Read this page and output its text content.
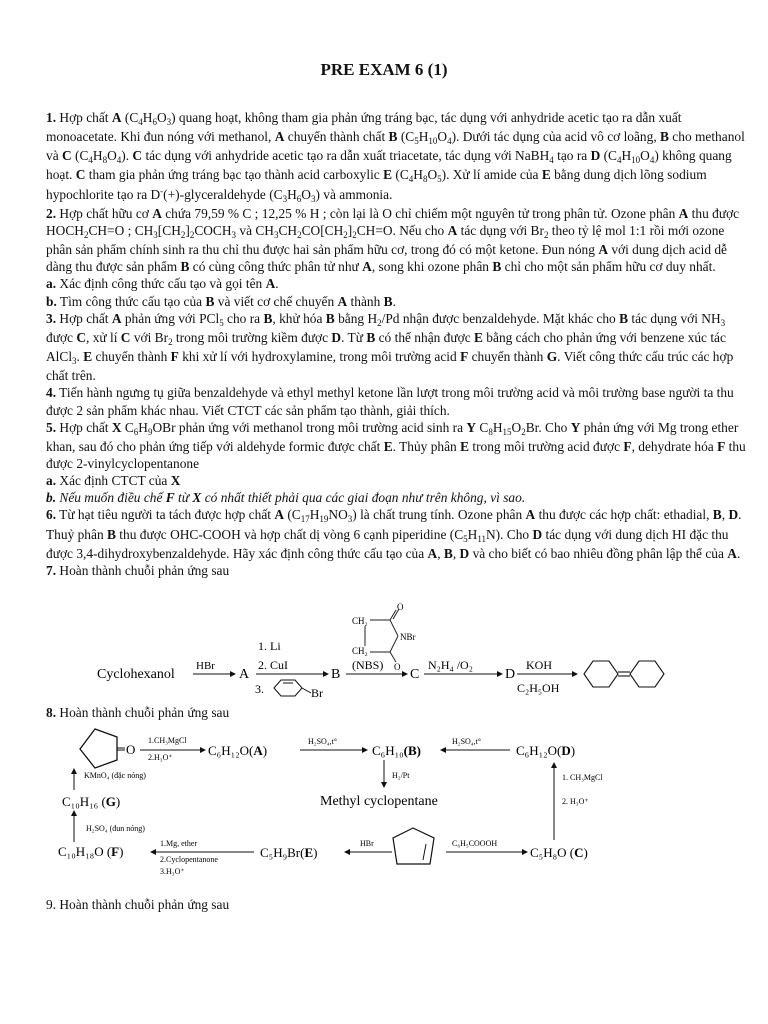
PRE EXAM 6 (1)

1. Hợp chất A $(C_4H_6O_3)$ quang hoạt, không tham gia phản ứng tráng bạc, tác dụng với anhydride acetic tạo ra dẫn xuất monoacetate. Khi đun nóng với methanol, A chuyển thành chất B $(C_5H_{10}O_4)$. Dưới tác dụng của acid vô cơ loãng, B cho methanol và C $(C_4H_8O_4)$. C tác dụng với anhydride acetic tạo ra dẫn xuất triacetate, tác dụng với NaBH$_4$ tạo ra D $(C_4H_{10}O_4)$ không quang hoạt. C tham gia phản ứng tráng bạc tạo thành acid carboxylic E $(C_4H_8O_5)$. Xử lí amide của E bằng dung dịch lõng sodium hypochlorite tạo ra D-(+)-glyceraldehyde $(C_3H_6O_3)$ và ammonia.

2. Hợp chất hữu cơ A chứa 79,59 % C ; 12,25 % H ; còn lại là O chỉ chiếm một nguyên tử trong phân tử. Ozone phân A thu được $HOCH_2CH=O$ ; $CH_3[CH_2]_2COCH_3$ và $CH_3CH_2CO[CH_2]_2CH=O$. Nếu cho A tác dụng với $Br_2$ theo tỷ lệ mol 1:1 rồi mới ozone phân sản phẩm chính sinh ra thu chỉ thu được hai sản phẩm hữu cơ, trong đó có một ketone. Đun nóng A với dung dịch acid dễ dàng thu được sản phẩm B có cùng công thức phân tử như A, song khi ozone phân B chỉ cho một sản phẩm hữu cơ duy nhất.

a. Xác định công thức cấu tạo và gọi tên A.

b. Tìm công thức cấu tạo của B và viết cơ chế chuyển A thành B.

3. Hợp chất A phản ứng với PCl$_5$ cho ra B, khử hóa B bằng $H_2/Pd$ nhận được benzaldehyde. Mặt khác cho B tác dụng với $NH_3$ được C, xử lí C với $Br_2$ trong môi trường kiềm được D. Từ B có thể nhận được E bằng cách cho phản ứng với benzene xúc tác AlCl$_3$. E chuyển thành F khi xử lí với hydroxylamine, trong môi trường acid F chuyển thành G. Viết công thức cấu trúc các hợp chất trên.

4. Tiến hành ngưng tụ giữa benzaldehyde và ethyl methyl ketone lần lượt trong môi trường acid và môi trường base người ta thu được 2 sản phẩm khác nhau. Viết CTCT các sản phẩm tạo thành, giải thích.

5. Hợp chất X $C_6H_9OBr$ phản ứng với methanol trong môi trường acid sinh ra Y $C_8H_{15}O_2Br$. Cho Y phản ứng với Mg trong ether khan, sau đó cho phản ứng tiếp với aldehyde formic được chất E. Thủy phân E trong môi trường acid được F, dehydrate hóa F thu được 2-vinylcyclopentanone

a. Xác định CTCT của X

b. Nếu muốn điều chế F từ X có nhất thiết phải qua các giai đoạn như trên không, vì sao.

6. Từ hạt tiêu người ta tách được hợp chất A $(C_{17}H_{19}NO_3)$ là chất trung tính. Ozone phân A thu được các hợp chất: ethadial, B, D. Thuỷ phân B thu được OHC-COOH và hợp chất dị vòng 6 cạnh piperidine $(C_5H_{11}N)$. Cho D tác dụng với dung dịch HI đặc thu được 3,4-dihydroxybenzaldehyde. Hãy xác định công thức cấu tạo của A, B, D và cho biết có bao nhiêu đồng phân lập thể của A.

7. Hoàn thành chuỗi phản ứng sau

CH₂
CH₂
O
O
NBr
Cyclohexanol
HBr
A
1. Li
2. CuI
3.	Br
B
(NBS)
C
N₂H₄ /O₂
D
KOH
C₂H₅OH
8. Hoàn thành chuỗi phản ứng sau
O
1.CH₃MgCl
2.H₃O⁺	C₆H₁₂O(A)
H₂SO₄,t°
C₆H₁₀(B)
H₂SO₄,t°
C₆H₁₂O(D)
H₂/Pt
Methyl cyclopentane
KMnO₄ (đặc nóng)
C₁₀H₁₆ (G)
1. CH₃MgCl
2. H₃O⁺
H₂SO₄ (đun nóng)
C₁₀H₁₈O (F)
1.Mg, ether
2.Cyclopentanone
3.H₃O⁺
C₅H₉Br(E)
HBr	C₆H₅COOOH
C₅H₈O (C)
9. Hoàn thành chuỗi phản ứng sau
